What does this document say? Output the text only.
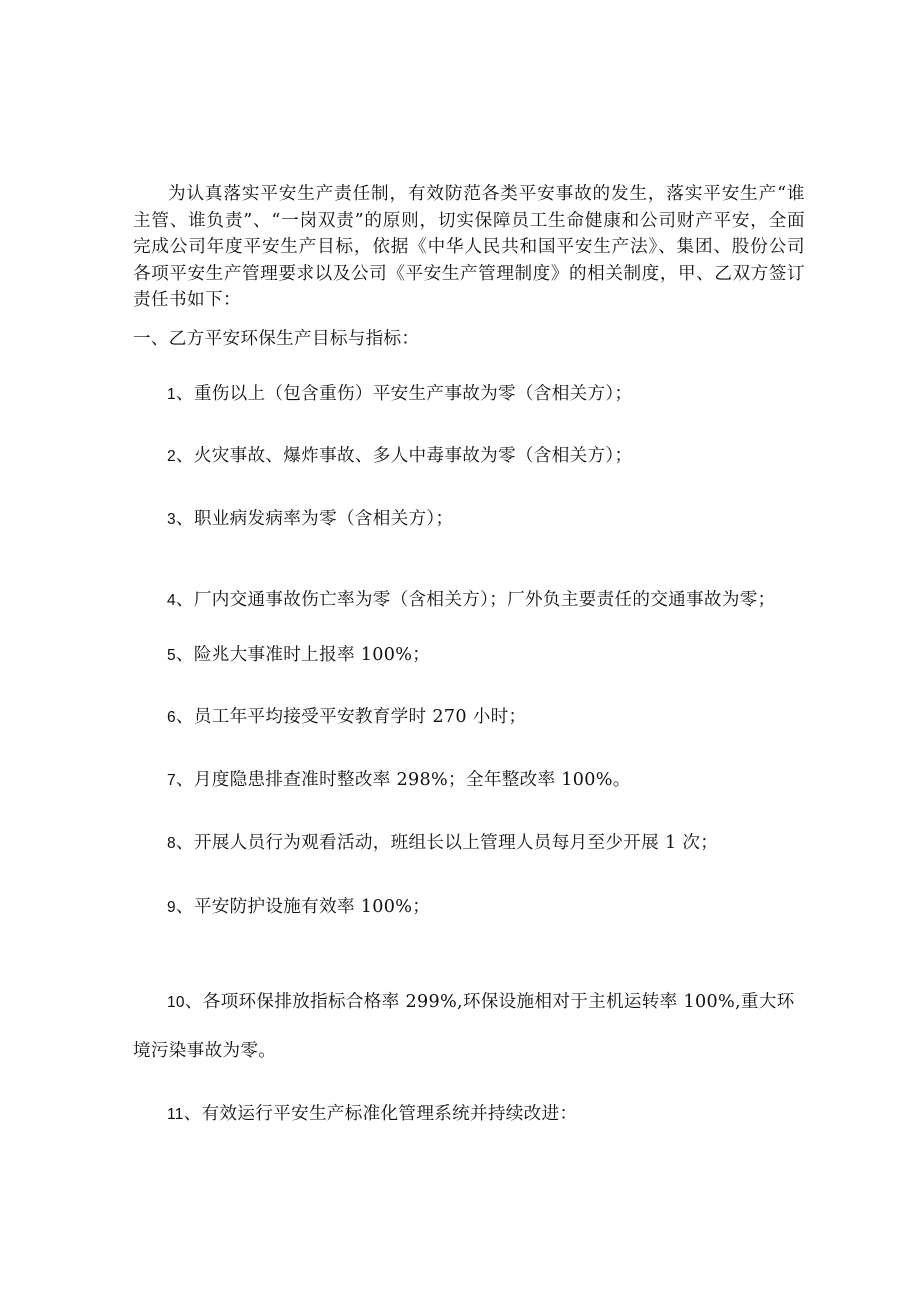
为认真落实平安生产责任制，有效防范各类平安事故的发生，落实平安生产“谁主管、谁负责”、“一岗双责”的原则，切实保障员工生命健康和公司财产平安，全面完成公司年度平安生产目标，依据《中华人民共和国平安生产法》、集团、股份公司各项平安生产管理要求以及公司《平安生产管理制度》的相关制度，甲、乙双方签订责任书如下：

一、乙方平安环保生产目标与指标：

1、重伤以上（包含重伤）平安生产事故为零（含相关方）；

2、火灾事故、爆炸事故、多人中毒事故为零（含相关方）；

3、职业病发病率为零（含相关方）；

4、厂内交通事故伤亡率为零（含相关方）；厂外负主要责任的交通事故为零；

5、险兆大事准时上报率 100%；

6、员工年平均接受平安教育学时 270 小时；

7、月度隐患排查准时整改率 298%；全年整改率 100%。

8、开展人员行为观看活动，班组长以上管理人员每月至少开展 1 次；

9、平安防护设施有效率 100%；

10、各项环保排放指标合格率 299%,环保设施相对于主机运转率 100%,重大环境污染事故为零。

11、有效运行平安生产标准化管理系统并持续改进：
